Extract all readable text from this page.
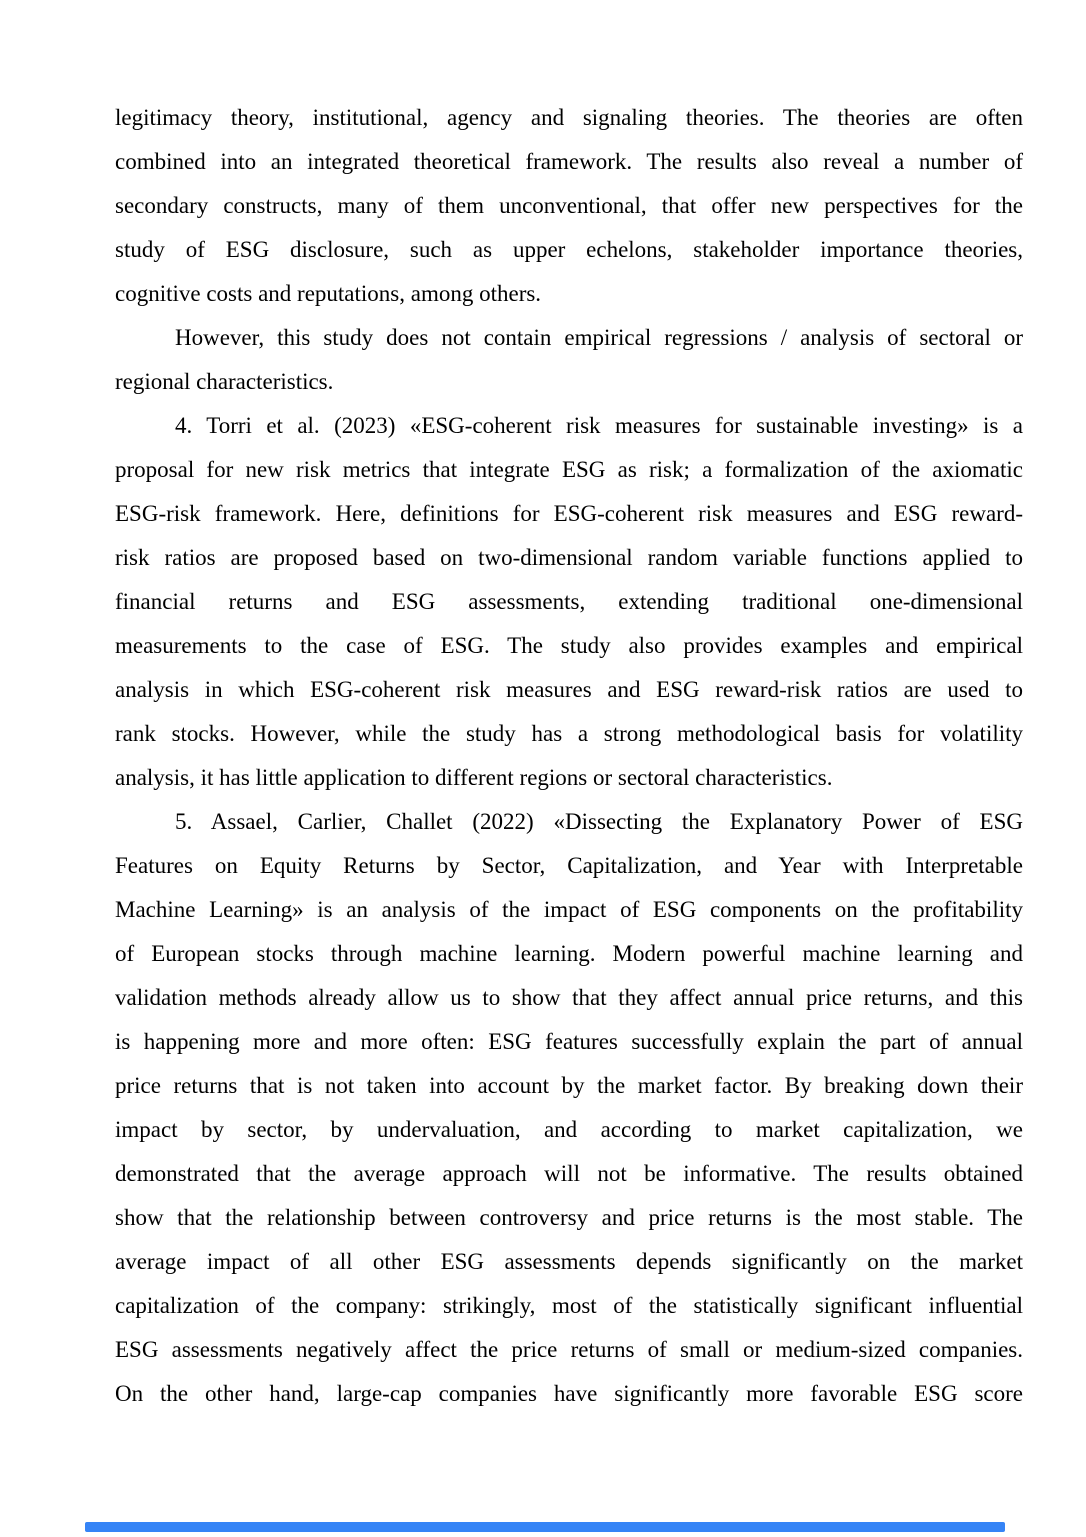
legitimacy theory, institutional, agency and signaling theories. The theories are often
combined into an integrated theoretical framework. The results also reveal a number of
secondary constructs, many of them unconventional, that offer new perspectives for the
study of ESG disclosure, such as upper echelons, stakeholder importance theories,
cognitive costs and reputations, among others.
However, this study does not contain empirical regressions / analysis of sectoral or
regional characteristics.
4. Torri et al. (2023) «ESG-coherent risk measures for sustainable investing» is a
proposal for new risk metrics that integrate ESG as risk; a formalization of the axiomatic
ESG-risk framework. Here, definitions for ESG-coherent risk measures and ESG reward-
risk ratios are proposed based on two-dimensional random variable functions applied to
financial returns and ESG assessments, extending traditional one-dimensional
measurements to the case of ESG. The study also provides examples and empirical
analysis in which ESG-coherent risk measures and ESG reward-risk ratios are used to
rank stocks. However, while the study has a strong methodological basis for volatility
analysis, it has little application to different regions or sectoral characteristics.
5. Assael, Carlier, Challet (2022) «Dissecting the Explanatory Power of ESG
Features on Equity Returns by Sector, Capitalization, and Year with Interpretable
Machine Learning» is an analysis of the impact of ESG components on the profitability
of European stocks through machine learning. Modern powerful machine learning and
validation methods already allow us to show that they affect annual price returns, and this
is happening more and more often: ESG features successfully explain the part of annual
price returns that is not taken into account by the market factor. By breaking down their
impact by sector, by undervaluation, and according to market capitalization, we
demonstrated that the average approach will not be informative. The results obtained
show that the relationship between controversy and price returns is the most stable. The
average impact of all other ESG assessments depends significantly on the market
capitalization of the company: strikingly, most of the statistically significant influential
ESG assessments negatively affect the price returns of small or medium-sized companies.
On the other hand, large-cap companies have significantly more favorable ESG score
